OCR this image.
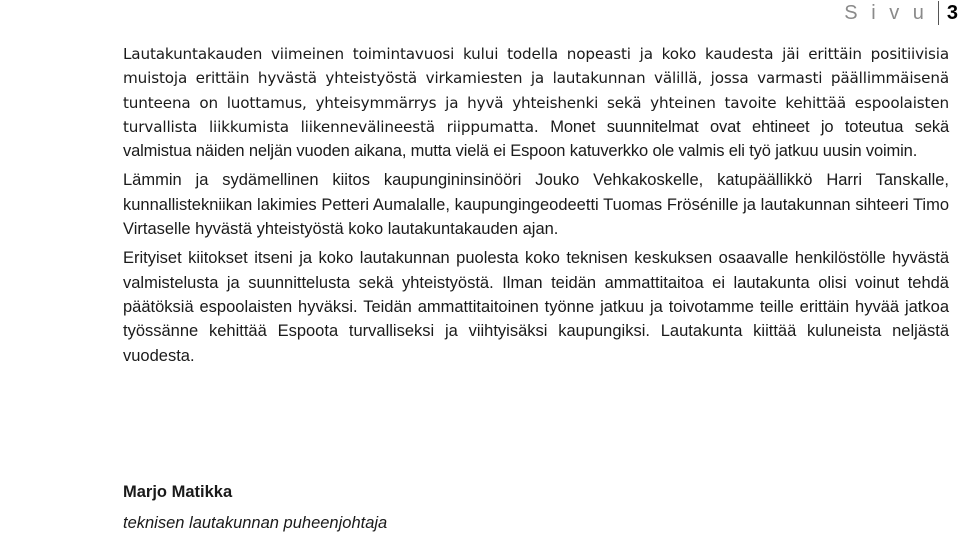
S i v u 3

Lautakuntakauden viimeinen toimintavuosi kului todella nopeasti ja koko kaudesta jäi erittäin positiivisia muistoja erittäin hyvästä yhteistyöstä virkamiesten ja lautakunnan välillä, jossa varmasti päällimmäisenä tunteena on luottamus, yhteisymmärrys ja hyvä yhteishenki sekä yhteinen tavoite kehittää espoolaisten turvallista liikkumista liikennevälineestä riippumatta. Monet suunnitelmat ovat ehtineet jo toteutua sekä valmistua näiden neljän vuoden aikana, mutta vielä ei Espoon katuverkko ole valmis eli työ jatkuu uusin voimin.

Lämmin ja sydämellinen kiitos kaupungininsinööri Jouko Vehkakoskelle, katupäällikkö Harri Tanskalle, kunnallistekniikan lakimies Petteri Aumalalle, kaupungingeodeetti Tuomas Frösénille ja lautakunnan sihteeri Timo Virtaselle hyvästä yhteistyöstä koko lautakuntakauden ajan.

Erityiset kiitokset itseni ja koko lautakunnan puolesta koko teknisen keskuksen osaavalle henkilöstölle hyvästä valmistelusta ja suunnittelusta sekä yhteistyöstä. Ilman teidän ammattitaitoa ei lautakunta olisi voinut tehdä päätöksiä espoolaisten hyväksi. Teidän ammattitaitoinen työnne jatkuu ja toivotamme teille erittäin hyvää jatkoa työssänne kehittää Espoota turvalliseksi ja viihtyisäksi kaupungiksi. Lautakunta kiittää kuluneista neljästä vuodesta.

Marjo Matikka
teknisen lautakunnan puheenjohtaja
